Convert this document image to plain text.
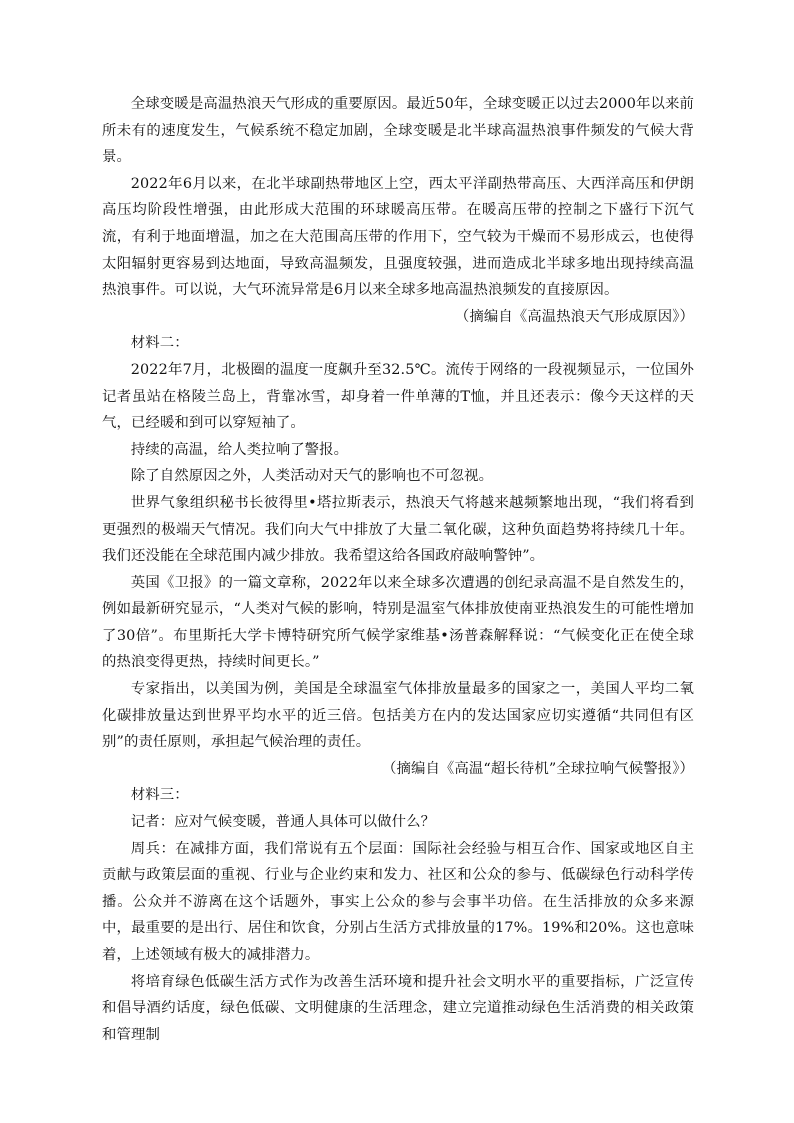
全球变暖是高温热浪天气形成的重要原因。最近50年，全球变暖正以过去2000年以来前所未有的速度发生，气候系统不稳定加剧，全球变暖是北半球高温热浪事件频发的气候大背景。

2022年6月以来，在北半球副热带地区上空，西太平洋副热带高压、大西洋高压和伊朗高压均阶段性增强，由此形成大范围的环球暖高压带。在暖高压带的控制之下盛行下沉气流，有利于地面增温，加之在大范围高压带的作用下，空气较为干燥而不易形成云，也使得太阳辐射更容易到达地面，导致高温频发，且强度较强，进而造成北半球多地出现持续高温热浪事件。可以说，大气环流异常是6月以来全球多地高温热浪频发的直接原因。

（摘编自《高温热浪天气形成原因》）

材料二：

2022年7月，北极圈的温度一度飙升至32.5℃。流传于网络的一段视频显示，一位国外记者虽站在格陵兰岛上，背靠冰雪，却身着一件单薄的T恤，并且还表示：像今天这样的天气，已经暖和到可以穿短袖了。

持续的高温，给人类拉响了警报。

除了自然原因之外，人类活动对天气的影响也不可忽视。

世界气象组织秘书长彼得里•塔拉斯表示，热浪天气将越来越频繁地出现，“我们将看到更强烈的极端天气情况。我们向大气中排放了大量二氧化碳，这种负面趋势将持续几十年。我们还没能在全球范围内减少排放。我希望这给各国政府敲响警钟”。

英国《卫报》的一篇文章称，2022年以来全球多次遭遇的创纪录高温不是自然发生的，例如最新研究显示，“人类对气候的影响，特别是温室气体排放使南亚热浪发生的可能性增加了30倍”。布里斯托大学卡博特研究所气候学家维基•汤普森解释说：“气候变化正在使全球的热浪变得更热，持续时间更长。”

专家指出，以美国为例，美国是全球温室气体排放量最多的国家之一，美国人平均二氧化碳排放量达到世界平均水平的近三倍。包括美方在内的发达国家应切实遵循“共同但有区别”的责任原则，承担起气候治理的责任。

（摘编自《高温“超长待机”全球拉响气候警报》）

材料三：

记者：应对气候变暖，普通人具体可以做什么？

周兵：在减排方面，我们常说有五个层面：国际社会经验与相互合作、国家或地区自主贡献与政策层面的重视、行业与企业约束和发力、社区和公众的参与、低碳绿色行动科学传播。公众并不游离在这个话题外，事实上公众的参与会事半功倍。在生活排放的众多来源中，最重要的是出行、居住和饮食，分别占生活方式排放量的17%。19%和20%。这也意味着，上述领域有极大的减排潜力。

将培育绿色低碳生活方式作为改善生活环境和提升社会文明水平的重要指标，广泛宣传和倡导酒约话度，绿色低碳、文明健康的生活理念，建立完道推动绿色生活消费的相关政策和管理制
